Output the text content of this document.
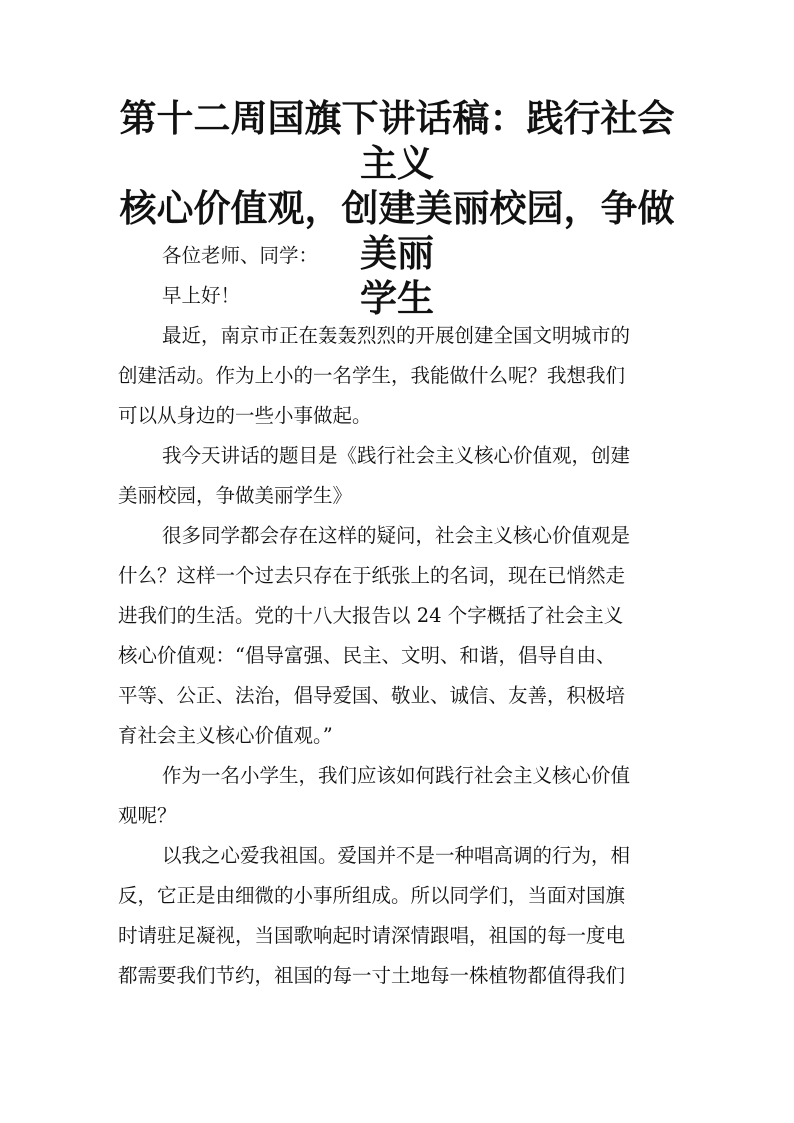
第十二周国旗下讲话稿：践行社会主义
核心价值观，创建美丽校园，争做美丽
学生
各位老师、同学：
早上好！
最近，南京市正在轰轰烈烈的开展创建全国文明城市的
创建活动。作为上小的一名学生，我能做什么呢？我想我们
可以从身边的一些小事做起。
我今天讲话的题目是《践行社会主义核心价值观，创建
美丽校园，争做美丽学生》
很多同学都会存在这样的疑问，社会主义核心价值观是
什么？这样一个过去只存在于纸张上的名词，现在已悄然走
进我们的生活。党的十八大报告以 24 个字概括了社会主义
核心价值观：“倡导富强、民主、文明、和谐，倡导自由、
平等、公正、法治，倡导爱国、敬业、诚信、友善，积极培
育社会主义核心价值观。”
作为一名小学生，我们应该如何践行社会主义核心价值
观呢？
以我之心爱我祖国。爱国并不是一种唱高调的行为，相
反，它正是由细微的小事所组成。所以同学们，当面对国旗
时请驻足凝视，当国歌响起时请深情跟唱，祖国的每一度电
都需要我们节约，祖国的每一寸土地每一株植物都值得我们
